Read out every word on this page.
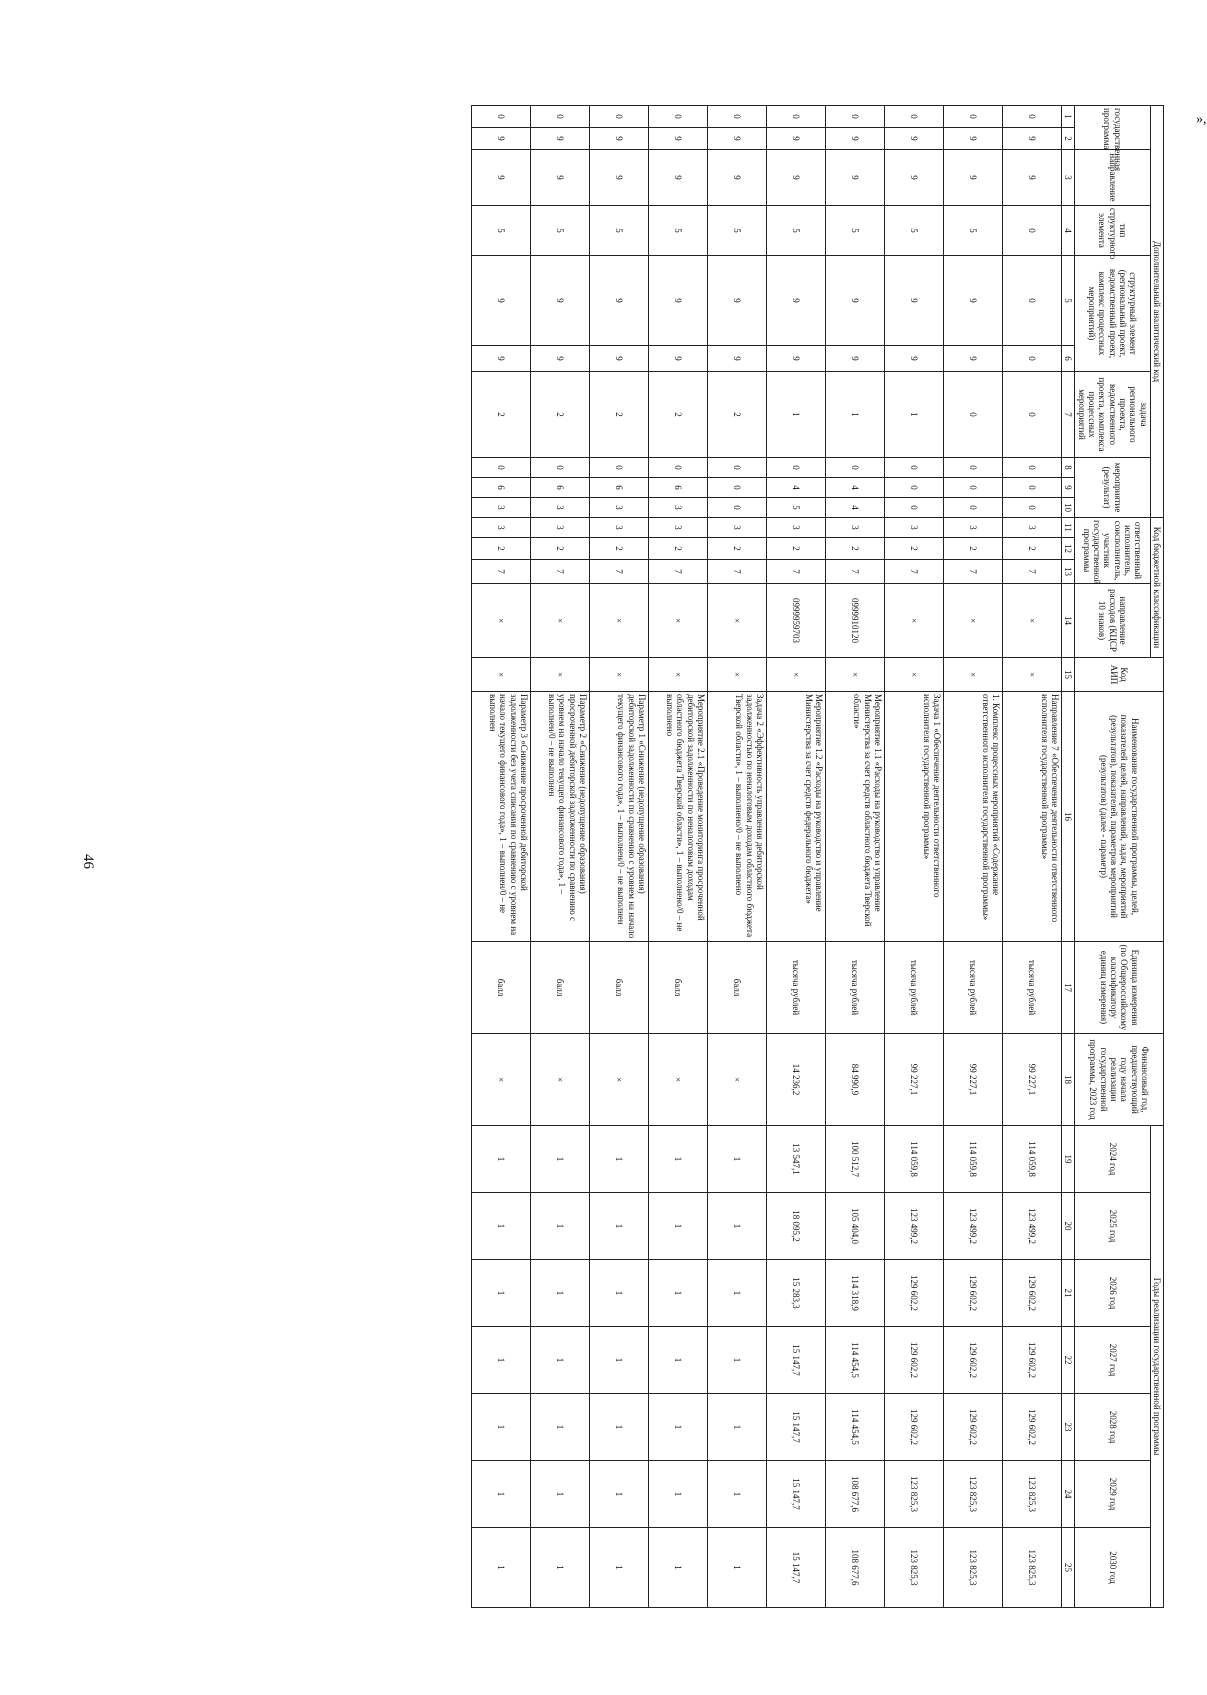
46
»,
Дополнительный аналитический код										Код бюджетной классификации				Код АИП	Наименование государственной программы, целей, показателей целей, направлений, задач, мероприятий (результатов), показателей, параметров мероприятий (результатов) (далее - параметр)	Единица измерения (по Общероссийскому классификатору единиц измерения)	Финансовый год, предшествующий году начала реализации государственной программы, 2023 год	Годы реализации государственной программы						
государственная программа		направление	тип структурного элемента	структурный элемент (региональный проект, ведомственный проект, комплекс процессных мероприятий)		задача регионального проекта, ведомственного проекта, комплекса процессных мероприятий	мероприятие (результат)			ответственный исполнитель, соисполнитель, участник государственной программы			направление расходов (КЦСР 10 знаков)											
																		2024 год	2025 год	2026 год	2027 год	2028 год	2029 год	2030 год
1	2	3	4	5	6	7	8	9	10	11	12	13	14	15	16	17	18	19	20	21	22	23	24	25
0	9	9	0	0	0	0	0	0	0	3	2	7	×	×	Направление 7 «Обеспечение деятельности ответственного исполнителя государственной программы»	тысяча рублей	99 227,1	114 059,8	123 499,2	129 602,2	129 602,2	129 602,2	123 825,3	123 825,3
0	9	9	5	9	9	0	0	0	0	3	2	7	×	×	1. Комплекс процессных мероприятий «Содержание ответственного исполнителя государственной программы»	тысяча рублей	99 227,1	114 059,8	123 499,2	129 602,2	129 602,2	129 602,2	123 825,3	123 825,3
0	9	9	5	9	9	1	0	0	0	3	2	7	×	×	Задача 1 «Обеспечение деятельности ответственного исполнителя государственной программы»	тысяча рублей	99 227,1	114 059,8	123 499,2	129 602,2	129 602,2	129 602,2	123 825,3	123 825,3
0	9	9	5	9	9	1	0	4	4	3	2	7	0999910120	×	Мероприятие 1.1 «Расходы на руководство и управление Министерства за счет средств областного бюджета Тверской области»	тысяча рублей	84 990,9	100 512,7	105 404,0	114 318,9	114 454,5	114 454,5	108 677,6	108 677,6
0	9	9	5	9	9	1	0	4	5	3	2	7	0999959703	×	Мероприятие 1.2 «Расходы на руководство и управление Министерства за счет средств федерального бюджета»	тысяча рублей	14 236,2	13 547,1	18 095,2	15 283,3	15 147,7	15 147,7	15 147,7	15 147,7
0	9	9	5	9	9	2	0	0	0	3	2	7	×	×	Задача 2 «Эффективность управления дебиторской задолженностью по неналоговым доходам областного бюджета Тверской области», 1 – выполнено/0 – не выполнено	балл	×	1	1	1	1	1	1	1
0	9	9	5	9	9	2	0	6	3	3	2	7	×	×	Мероприятие 2.1 «Проведение мониторинга просроченной дебиторской задолженности по неналоговым доходам областного бюджета Тверской области», 1 – выполнено/0 – не выполнено	балл	×	1	1	1	1	1	1	1
0	9	9	5	9	9	2	0	6	3	3	2	7	×	×	Параметр 1 «Снижение (недопущение образования) дебиторской задолженности по сравнению с уровнем на начало текущего финансового года», 1 – выполнен/0 – не выполнен	балл	×	1	1	1	1	1	1	1
0	9	9	5	9	9	2	0	6	3	3	2	7	×	×	Параметр 2 «Снижение (недопущение образования) просроченной дебиторской задолженности по сравнению с уровнем на начало текущего финансового года», 1 – выполнен/0 – не выполнен	балл	×	1	1	1	1	1	1	1
0	9	9	5	9	9	2	0	6	3	3	2	7	×	×	Параметр 3 «Снижение просроченной дебиторской задолженности без учета списания по сравнению с уровнем на начало текущего финансового года», 1 – выполнен/0 – не выполнен	балл	×	1	1	1	1	1	1	1
